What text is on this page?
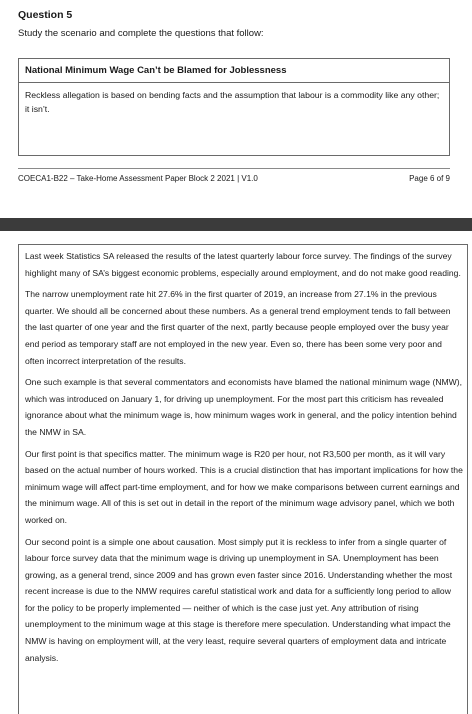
Question 5

Study the scenario and complete the questions that follow:

National Minimum Wage Can’t be Blamed for Joblessness
Reckless allegation is based on bending facts and the assumption that labour is a commodity like any other; it isn’t.
COECA1-B22 – Take-Home Assessment Paper Block 2 2021 | V1.0	Page 6 of 9

Last week Statistics SA released the results of the latest quarterly labour force survey. The findings of the survey highlight many of SA’s biggest economic problems, especially around employment, and do not make good reading.

The narrow unemployment rate hit 27.6% in the first quarter of 2019, an increase from 27.1% in the previous quarter. We should all be concerned about these numbers. As a general trend employment tends to fall between the last quarter of one year and the first quarter of the next, partly because people employed over the busy year end period as temporary staff are not employed in the new year. Even so, there has been some very poor and often incorrect interpretation of the results.

One such example is that several commentators and economists have blamed the national minimum wage (NMW), which was introduced on January 1, for driving up unemployment. For the most part this criticism has revealed ignorance about what the minimum wage is, how minimum wages work in general, and the policy intention behind the NMW in SA.

Our first point is that specifics matter. The minimum wage is R20 per hour, not R3,500 per month, as it will vary based on the actual number of hours worked. This is a crucial distinction that has important implications for how the minimum wage will affect part-time employment, and for how we make comparisons between current earnings and the minimum wage. All of this is set out in detail in the report of the minimum wage advisory panel, which we both worked on.

Our second point is a simple one about causation. Most simply put it is reckless to infer from a single quarter of labour force survey data that the minimum wage is driving up unemployment in SA. Unemployment has been growing, as a general trend, since 2009 and has grown even faster since 2016. Understanding whether the most recent increase is due to the NMW requires careful statistical work and data for a sufficiently long period to allow for the policy to be properly implemented — neither of which is the case just yet. Any attribution of rising unemployment to the minimum wage at this stage is therefore mere speculation. Understanding what impact the NMW is having on employment will, at the very least, require several quarters of employment data and intricate analysis.
